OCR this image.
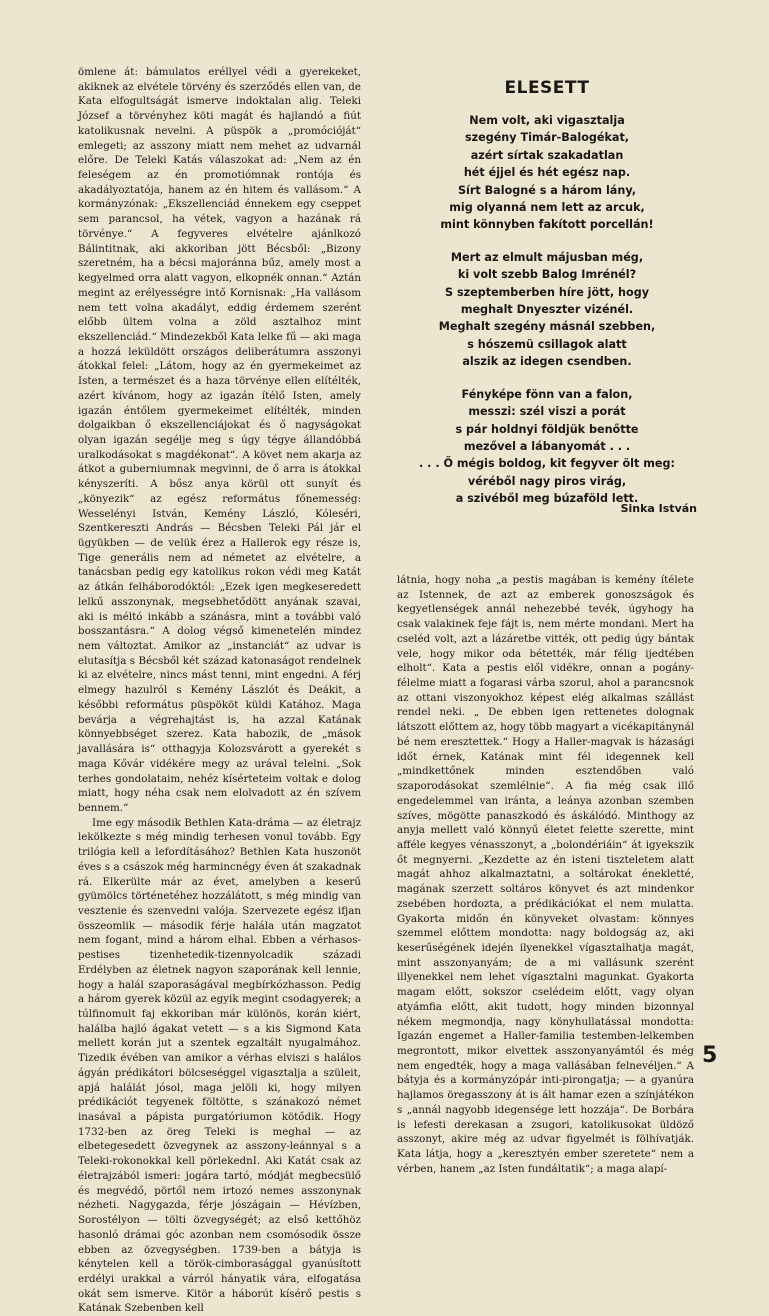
ömlene át: bámulatos eréllyel védi a gyerekeket, akiknek az elvétele törvény és szerződés ellen van, de Kata elfogultságát ismerve indoktalan alig. Teleki József a törvényhez köti magát és hajlandó a fiút katolikusnak nevelni. A püspök a „promócióját“ emlegeti; az asszony miatt nem mehet az udvarnál előre. De Teleki Katás válaszokat ad: „Nem az én feleségem az én promotiómnak rontója és akadályoztatója, hanem az én hitem és vallásom.“ A kormányzónak: „Ekszellenciád énnekem egy cseppet sem parancsol, ha vétek, vagyon a hazának rá törvénye.“ A fegyveres elvételre ajánlkozó Bálintitnak, aki akkoriban jött Bécsből: „Bizony szeretném, ha a bécsi majoránna bűz, amely most a kegyelmed orra alatt vagyon, elkopnék onnan.“ Aztán megint az erélyességre intő Kornisnak: „Ha vallásom nem tett volna akadályt, eddig érdemem szerént előbb ültem volna a zöld asztalhoz mint ekszellenciád.“ Mindezekből Kata lelke fű — aki maga a hozzá leküldött országos deliberátumra asszonyi átokkal felel: „Látom, hogy az én gyermekeimet az Isten, a természet és a haza törvénye ellen elítélték, azért kívánom, hogy az igazán ítélő Isten, amely igazán éntőlem gyermekeimet elítélték, minden dolgaikban ő ekszellenciájokat és ő nagyságokat olyan igazán segélje meg s úgy tégye állandóbbá uralkodásokat s magdékonat“. A követ nem akarja az átkot a guberniumnak megvinni, de ő arra is átokkal kényszeríti. A bősz anya körül ott sunyít és „könyezik“ az egész református főnemesség: Wesselényi István, Kemény László, Kóleséri, Szentkereszti András — Bécsben Teleki Pál jár el ügyükben — de velük érez a Hallerok egy része is, Tige generális nem ad németet az elvételre, a tanácsban pedig egy katolikus rokon védi meg Katát az átkán felháborodóktól: „Ezek igen megkeseredett lelkű asszonynak, megsebhetődött anyának szavai, aki is méltó inkább a szánásra, mint a további való bosszantásra.“ A dolog végső kimenetelén mindez nem változtat. Amikor az „instanciát“ az udvar is elutasítja s Bécsből két század katonaságot rendelnek ki az elvételre, nincs mást tenni, mint engedni. A férj elmegy hazulról s Kemény Lászlót és Deákit, a későbbi református püspököt küldi Katához. Maga bevárja a végrehajtást is, ha azzal Katának könnyebbséget szerez. Kata habozik, de „mások javallására is“ otthagyja Kolozsvárott a gyerekét s maga Kővár vidékére megy az urával telelni. „Sok terhes gondolataim, nehéz kísérteteim voltak e dolog miatt, hogy néha csak nem elolvadott az én szívem bennem.“

Ime egy második Bethlen Kata-dráma — az életrajz lekölkezte s még mindig terhesen vonul tovább. Egy trilógia kell a lefordításához? Bethlen Kata huszonöt éves s a császok még harmincnégy éven át szakadnak rá. Elkerülte már az évet, amelyben a keserű gyümölcs történetéhez hozzálátott, s még mindig van vesztenie és szenvedni valója. Szervezete egész ifjan összeomlik — második férje halála után magzatot nem fogant, mind a három elhal. Ebben a vérhasos-pestises tizenhetedik-tizennyolcadik századi Erdélyben az életnek nagyon szaporának kell lennie, hogy a halál szaporaságával megbírkózhasson. Pedig a három gyerek közül az egyik megint csodagyerek; a túlfinomult faj ekkoriban már különös, korán kiért, halálba hajló ágakat vetett — s a kis Sigmond Kata mellett korán jut a szentek egzaltált nyugalmához. Tizedik évében van amikor a vérhas elviszi s halálos ágyán prédikátori bölcseséggel vigasztalja a szüleit, apjá halálát jósol, maga jelöli ki, hogy milyen prédikációt tegyenek föltötte, s szánakozó német inasával a pápista purgatóriumon kötődik. Hogy 1732-ben az öreg Teleki is meghal — az elbetegesedett özvegynek az asszony-leánnyal s a Teleki-rokonokkal kell pörlekednI. Aki Katát csak az életrajzából ismeri: jogára tartó, módját megbecsülő és megvédő, pörtől nem irtozó nemes asszonynak nézheti. Nagygazda, férje jószágain — Hévízben, Sorostélyon — tölti özvegységét; az első kettőhöz hasonló drámai góc azonban nem csomósodik össze ebben az özvegységben. 1739-ben a bátyja is kénytelen kell a török-cimborasággal gyanúsított erdélyi urakkal a várról hányatik vára, elfogatása okát sem ismerve. Kitör a háborút kísérő pestis s Katának Szebenben kell

ELESETT
Nem volt, aki vigasztalja
szegény Timár-Balogékat,
azért sírtak szakadatlan
hét éjjel és hét egész nap.
Sírt Balogné s a három lány,
mig olyanná nem lett az arcuk,
mint könnyben fakított porcellán!
Mert az elmult májusban még,
ki volt szebb Balog Imrénél?
S szeptemberben híre jött, hogy
meghalt Dnyeszter vizénél.
Meghalt szegény másnál szebben,
s hószemü csillagok alatt
alszik az idegen csendben.
Fényképe fönn van a falon,
messzi: szél viszi a porát
s pár holdnyi földjük benőtte
mezővel a lábanyomát . . .
. . . Ő mégis boldog, kit fegyver ölt meg:
véréből nagy piros virág,
a szivéből meg búzaföld lett.
Sinka István

látnia, hogy noha „a pestis magában is kemény ítélete az Istennek, de azt az emberek gonoszságok és kegyetlenségek annál nehezebbé tevék, úgyhogy ha csak valakinek feje fájt is, nem mérte mondani. Mert ha cseléd volt, azt a lázáretbe vitték, ott pedig úgy bántak vele, hogy mikor oda bétették, már félig ijedtében elholt“. Kata a pestis elől vidékre, onnan a pogány-félelme miatt a fogarasi várba szorul, ahol a parancsnok az ottani viszonyokhoz képest elég alkalmas szállást rendel neki. „ De ebben igen rettenetes dolognak látszott előttem az, hogy több magyart a vicékapitánynál bé nem eresztettek.“ Hogy a Haller-magvak is házasági időt érnek, Katának mint fél idegennek kell „mindkettőnek minden esztendőben való szaporodásokat szemlélnie“. A fia még csak illő engedelemmel van iránta, a leánya azonban szemben szíves, mögötte panaszkodó és áskálódó. Minthogy az anyja mellett való könnyű életet felette szerette, mint afféle kegyes vénasszonyt, a „bolondériáin“ át igyekszik őt megnyerni. „Kezdette az én isteni tiszteletem alatt magát ahhoz alkalmaztatni, a soltárokat énekletté, magának szerzett soltáros könyvet és azt mindenkor zsebében hordozta, a prédikációkat el nem mulatta. Gyakorta midőn én könyveket olvastam: könnyes szemmel előttem mondotta: nagy boldogság az, aki keserűségének idején ilyenekkel vígasztalhatja magát, mint asszonyanyám; de a mi vallásunk szerént illyenekkel nem lehet vígasztalni magunkat. Gyakorta magam előtt, sokszor cselédeim előtt, vagy olyan atyámfia előtt, akit tudott, hogy minden bizonnyal nékem megmondja, nagy könyhullatással mondotta: Igazán engemet a Haller-familia testemben-lelkemben megrontott, mikor elvettek asszonyanyámtól és még nem engedték, hogy a maga vallásában felnevéljen.“ A bátyja és a kormányzópár inti-pirongatja; — a gyanúra hajlamos öregasszony át is ált hamar ezen a színjátékon s „annál nagyobb idegensége lett hozzája“. De Borbára is lefesti derekasan a zsugori, katolikusokat üldöző asszonyt, akire még az udvar figyelmét is fölhívatják. Kata látja, hogy a „keresztyén ember szeretete“ nem a vérben, hanem „az Isten fundáltatik“; a maga alapí-

5
